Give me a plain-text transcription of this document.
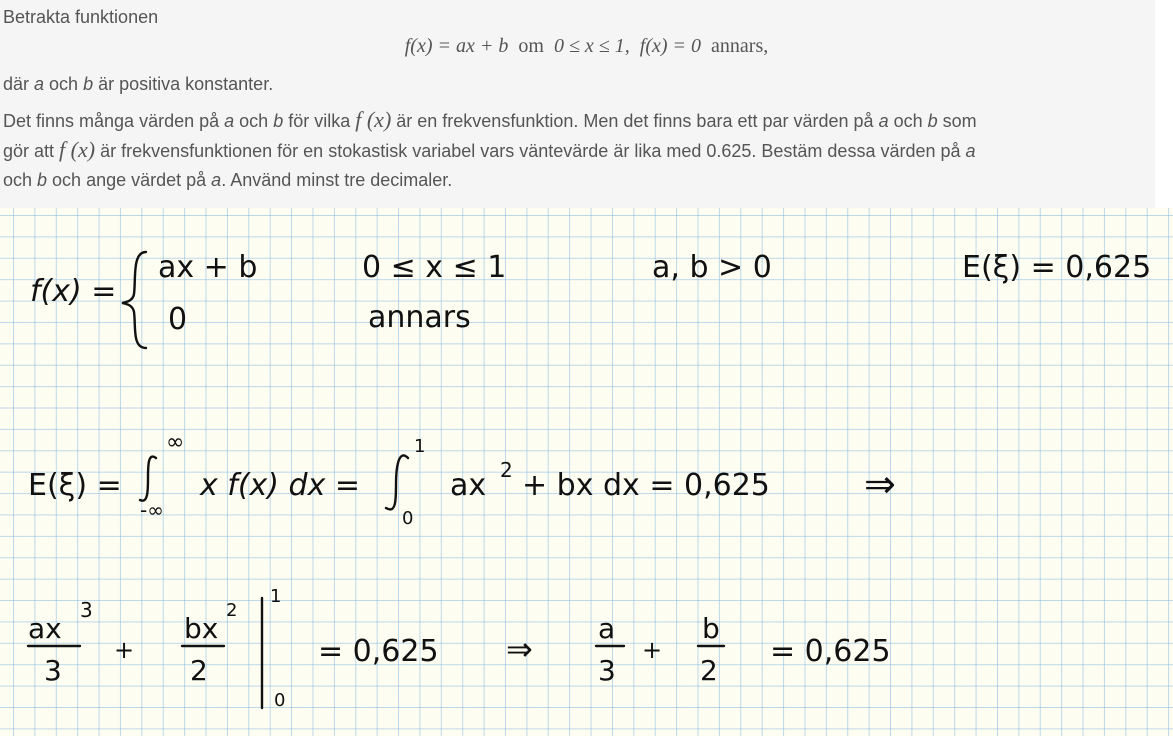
Betrakta funktionen
f(x) = ax + b om 0 ≤ x ≤ 1, f(x) = 0 annars,
där a och b är positiva konstanter.
Det finns många värden på a och b för vilka f (x) är en frekvensfunktion. Men det finns bara ett par värden på a och b som
gör att f (x) är frekvensfunktionen för en stokastisk variabel vars väntevärde är lika med 0.625. Bestäm dessa värden på a
och b och ange värdet på a. Använd minst tre decimaler.
f(x) =
ax + b
0
0 ≤ x ≤ 1
annars
a, b > 0	E(ξ) = 0,625
E(ξ) =
∞
-∞
x f(x) dx =
1
0
ax 2 + bx dx = 0,625 ⇒
ax
3
3
+
bx
2
2
1
0
= 0,625 ⇒
a
3
+
b
2
= 0,625
